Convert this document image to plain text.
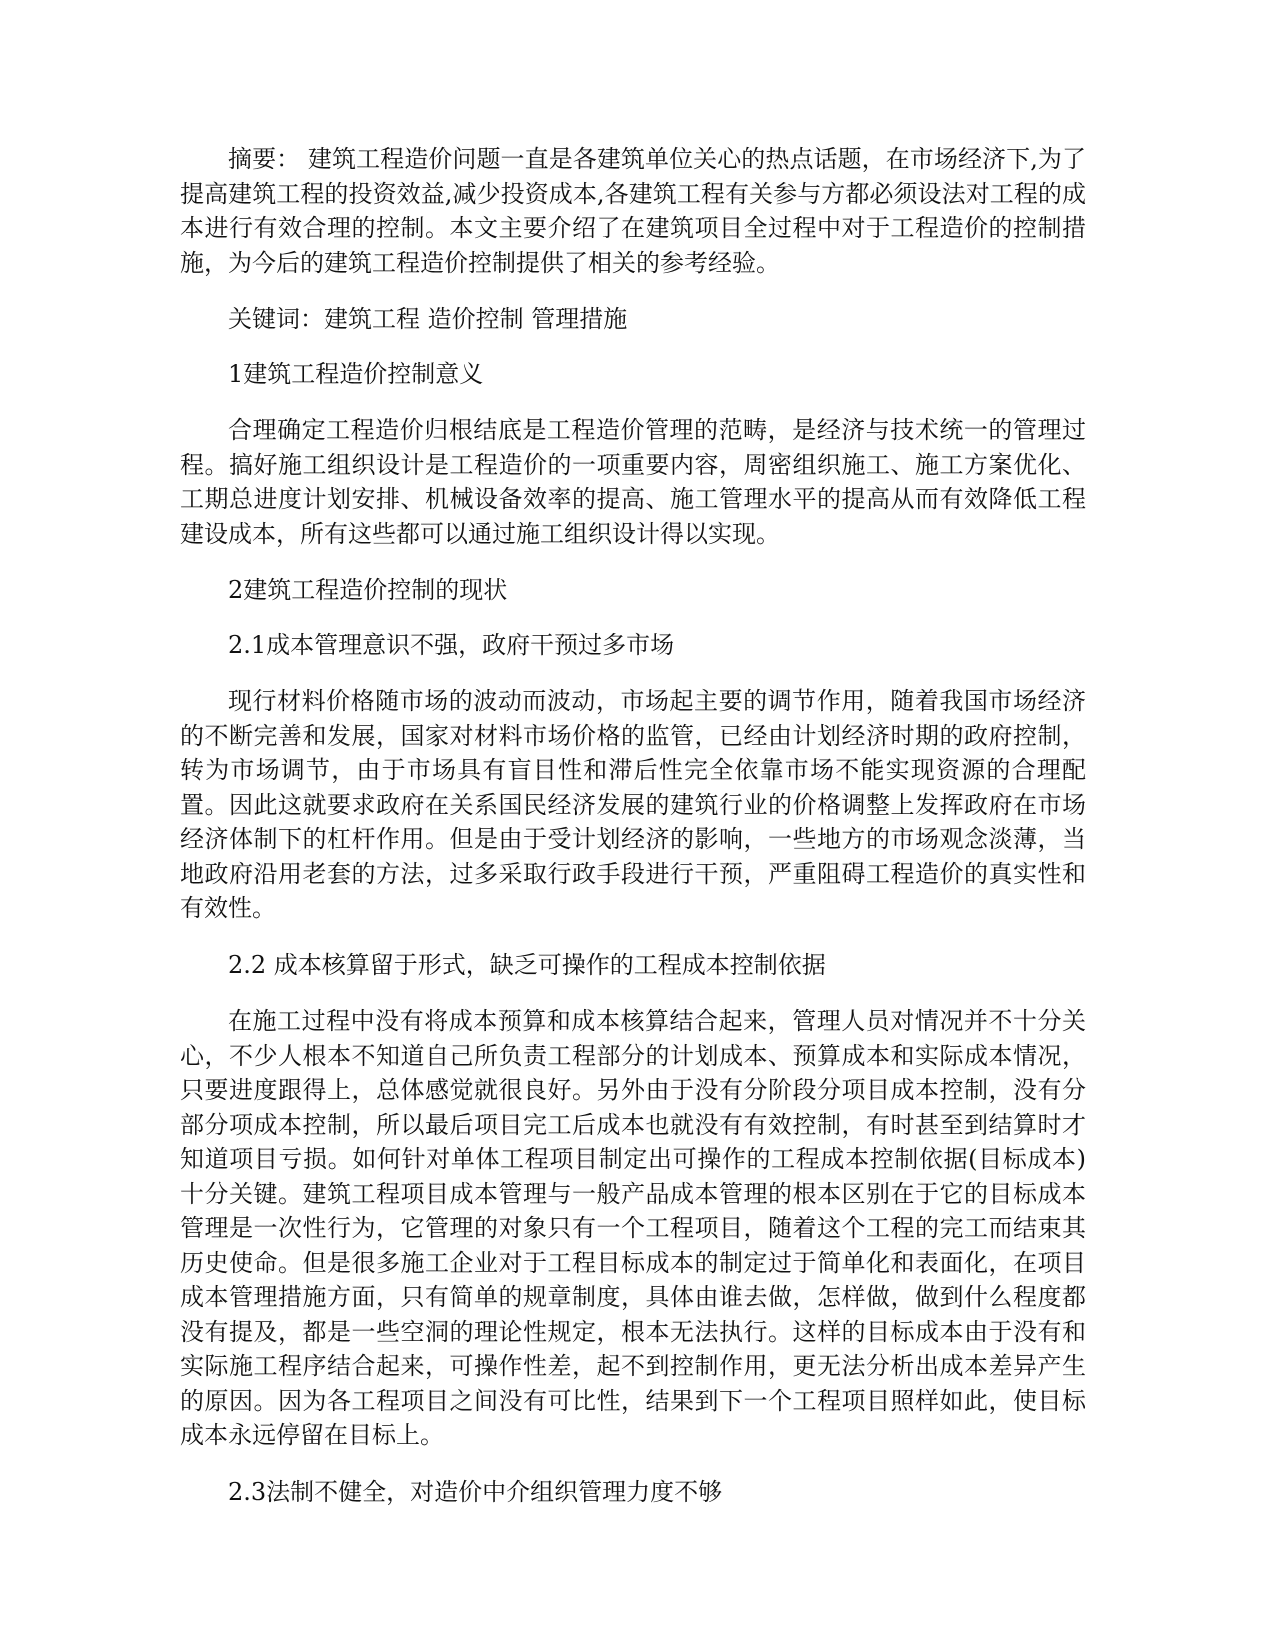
摘要： 建筑工程造价问题一直是各建筑单位关心的热点话题，在市场经济下,为了提高建筑工程的投资效益,减少投资成本,各建筑工程有关参与方都必须设法对工程的成本进行有效合理的控制。本文主要介绍了在建筑项目全过程中对于工程造价的控制措施，为今后的建筑工程造价控制提供了相关的参考经验。

关键词：建筑工程 造价控制 管理措施

1建筑工程造价控制意义

合理确定工程造价归根结底是工程造价管理的范畴，是经济与技术统一的管理过程。搞好施工组织设计是工程造价的一项重要内容，周密组织施工、施工方案优化、工期总进度计划安排、机械设备效率的提高、施工管理水平的提高从而有效降低工程建设成本，所有这些都可以通过施工组织设计得以实现。

2建筑工程造价控制的现状

2.1成本管理意识不强，政府干预过多市场

现行材料价格随市场的波动而波动，市场起主要的调节作用，随着我国市场经济的不断完善和发展，国家对材料市场价格的监管，已经由计划经济时期的政府控制，转为市场调节，由于市场具有盲目性和滞后性完全依靠市场不能实现资源的合理配置。因此这就要求政府在关系国民经济发展的建筑行业的价格调整上发挥政府在市场经济体制下的杠杆作用。但是由于受计划经济的影响，一些地方的市场观念淡薄，当地政府沿用老套的方法，过多采取行政手段进行干预，严重阻碍工程造价的真实性和有效性。

2.2 成本核算留于形式，缺乏可操作的工程成本控制依据

在施工过程中没有将成本预算和成本核算结合起来，管理人员对情况并不十分关心，不少人根本不知道自己所负责工程部分的计划成本、预算成本和实际成本情况，只要进度跟得上，总体感觉就很良好。另外由于没有分阶段分项目成本控制，没有分部分项成本控制，所以最后项目完工后成本也就没有有效控制，有时甚至到结算时才知道项目亏损。如何针对单体工程项目制定出可操作的工程成本控制依据(目标成本)十分关键。建筑工程项目成本管理与一般产品成本管理的根本区别在于它的目标成本管理是一次性行为，它管理的对象只有一个工程项目，随着这个工程的完工而结束其历史使命。但是很多施工企业对于工程目标成本的制定过于简单化和表面化，在项目成本管理措施方面，只有简单的规章制度，具体由谁去做，怎样做，做到什么程度都没有提及，都是一些空洞的理论性规定，根本无法执行。这样的目标成本由于没有和实际施工程序结合起来，可操作性差，起不到控制作用，更无法分析出成本差异产生的原因。因为各工程项目之间没有可比性，结果到下一个工程项目照样如此，使目标成本永远停留在目标上。

2.3法制不健全，对造价中介组织管理力度不够
